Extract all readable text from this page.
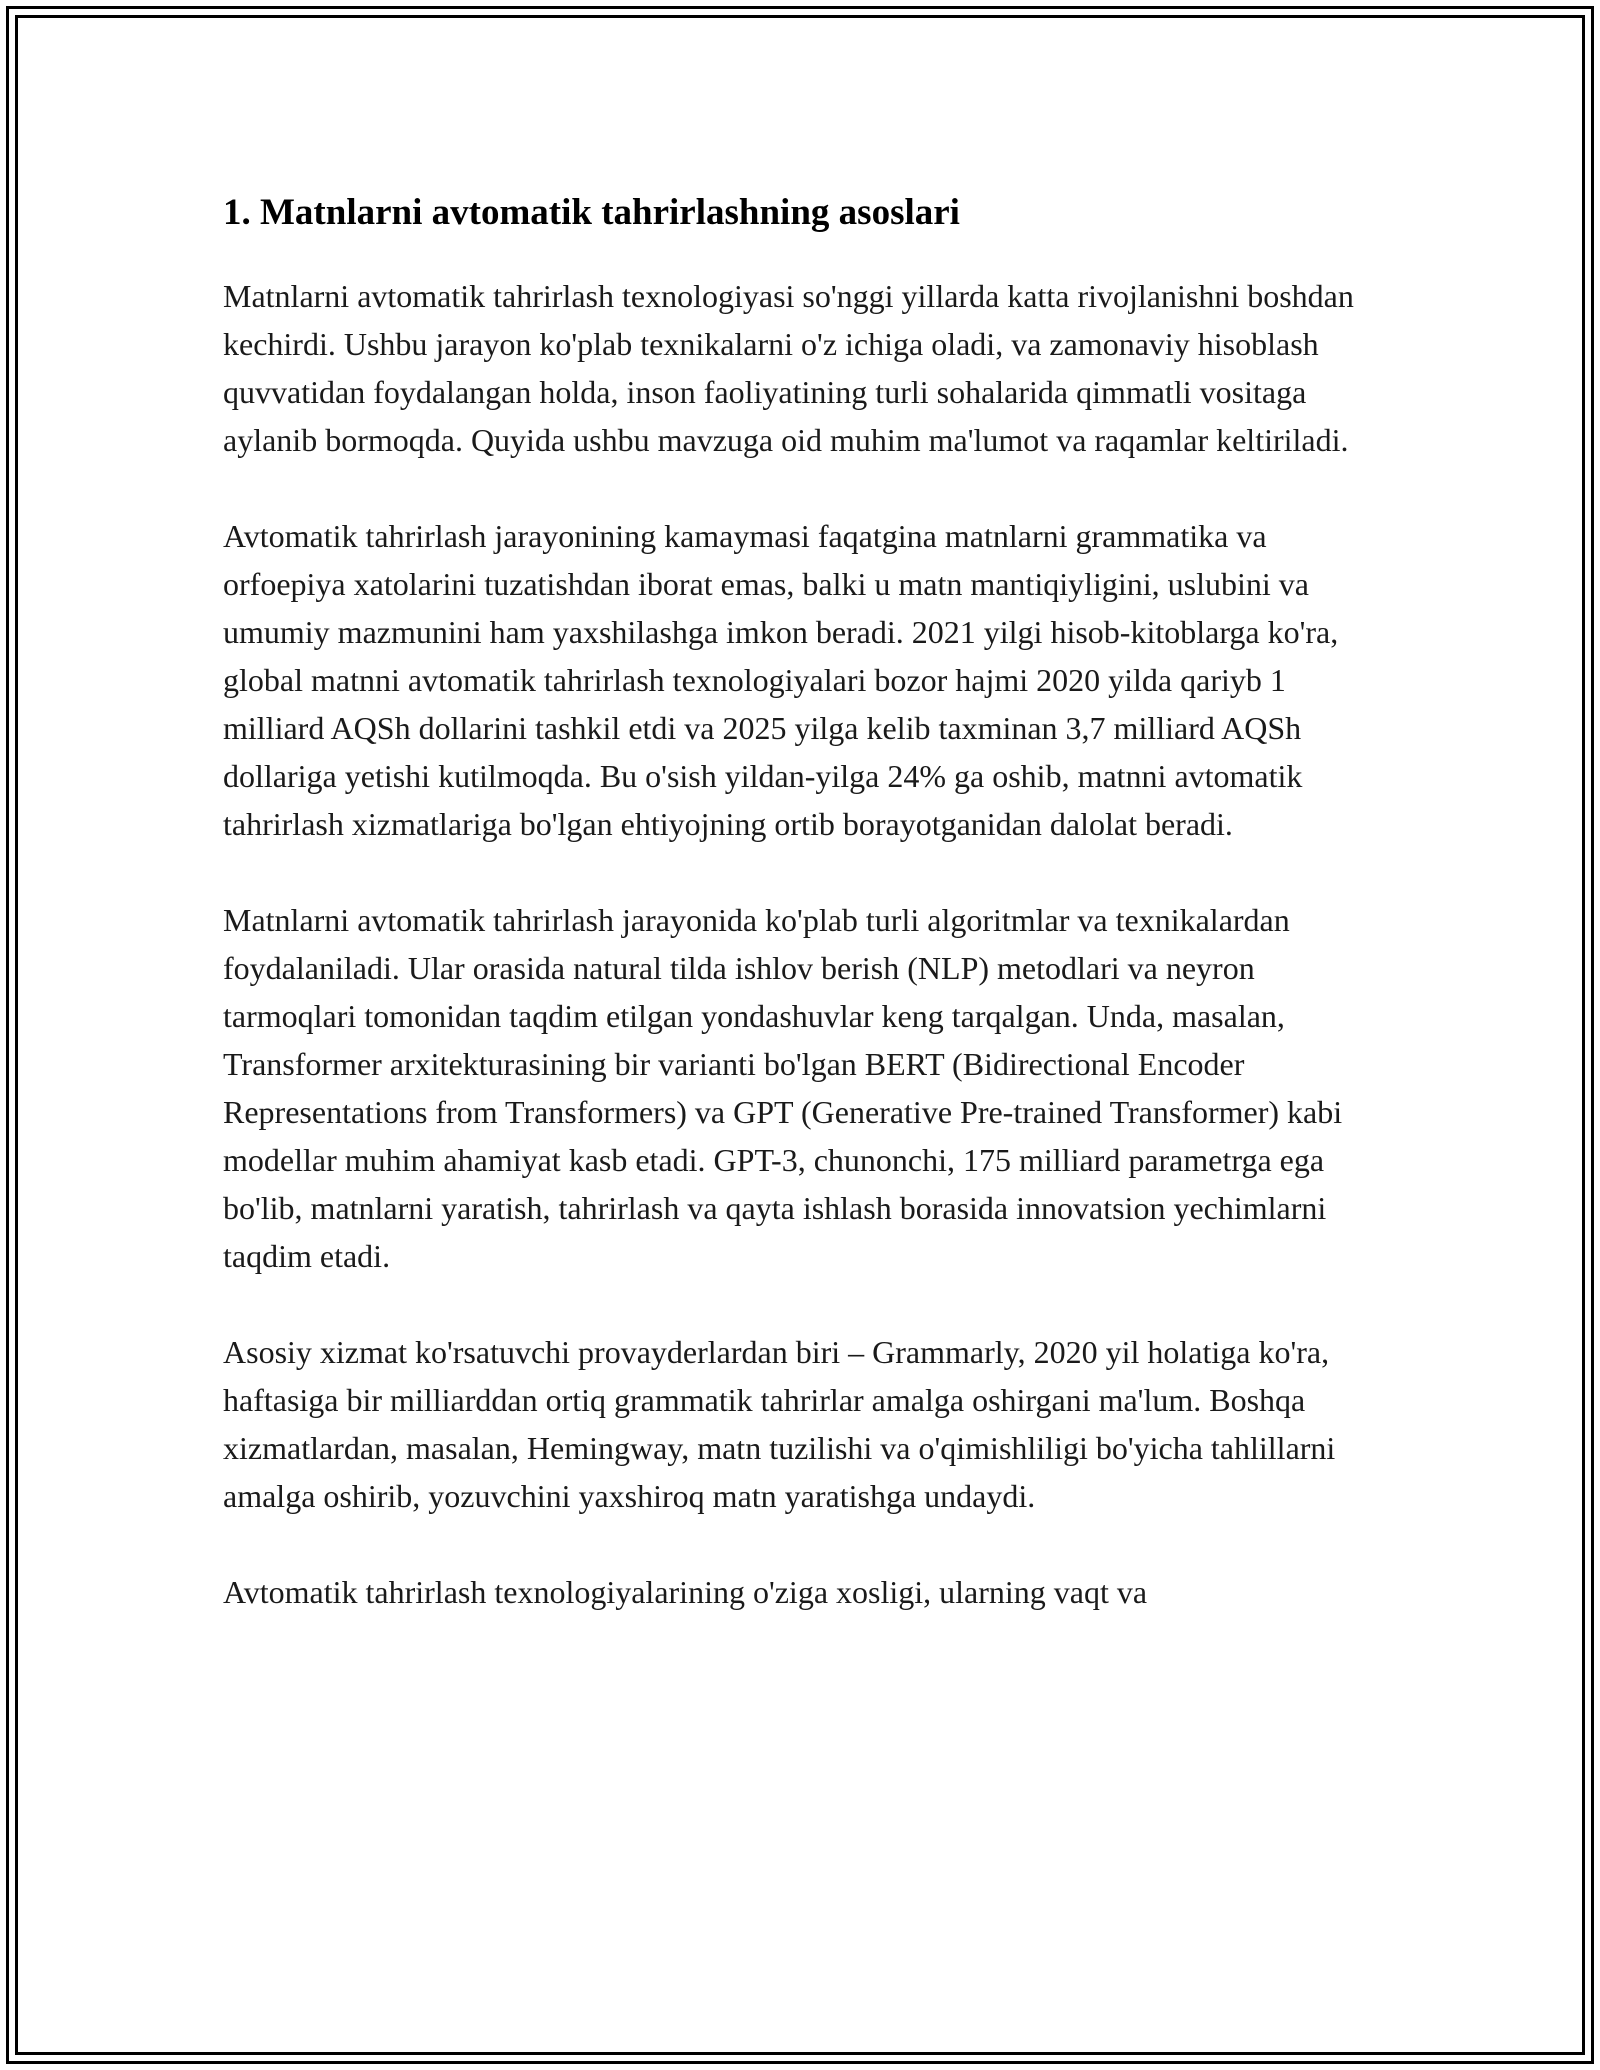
1. Matnlarni avtomatik tahrirlashning asoslari

Matnlarni avtomatik tahrirlash texnologiyasi so'nggi yillarda katta rivojlanishni boshdan kechirdi. Ushbu jarayon ko'plab texnikalarni o'z ichiga oladi, va zamonaviy hisoblash quvvatidan foydalangan holda, inson faoliyatining turli sohalarida qimmatli vositaga aylanib bormoqda. Quyida ushbu mavzuga oid muhim ma'lumot va raqamlar keltiriladi.

Avtomatik tahrirlash jarayonining kamaymasi faqatgina matnlarni grammatika va orfoepiya xatolarini tuzatishdan iborat emas, balki u matn mantiqiyligini, uslubini va umumiy mazmunini ham yaxshilashga imkon beradi. 2021 yilgi hisob-kitoblarga ko'ra, global matnni avtomatik tahrirlash texnologiyalari bozor hajmi 2020 yilda qariyb 1 milliard AQSh dollarini tashkil etdi va 2025 yilga kelib taxminan 3,7 milliard AQSh dollariga yetishi kutilmoqda. Bu o'sish yildan-yilga 24% ga oshib, matnni avtomatik tahrirlash xizmatlariga bo'lgan ehtiyojning ortib borayotganidan dalolat beradi.

Matnlarni avtomatik tahrirlash jarayonida ko'plab turli algoritmlar va texnikalardan foydalaniladi. Ular orasida natural tilda ishlov berish (NLP) metodlari va neyron tarmoqlari tomonidan taqdim etilgan yondashuvlar keng tarqalgan. Unda, masalan, Transformer arxitekturasining bir varianti bo'lgan BERT (Bidirectional Encoder Representations from Transformers) va GPT (Generative Pre-trained Transformer) kabi modellar muhim ahamiyat kasb etadi. GPT-3, chunonchi, 175 milliard parametrga ega bo'lib, matnlarni yaratish, tahrirlash va qayta ishlash borasida innovatsion yechimlarni taqdim etadi.

Asosiy xizmat ko'rsatuvchi provayderlardan biri – Grammarly, 2020 yil holatiga ko'ra, haftasiga bir milliarddan ortiq grammatik tahrirlar amalga oshirgani ma'lum. Boshqa xizmatlardan, masalan, Hemingway, matn tuzilishi va o'qimishliligi bo'yicha tahlillarni amalga oshirib, yozuvchini yaxshiroq matn yaratishga undaydi.

Avtomatik tahrirlash texnologiyalarining o'ziga xosligi, ularning vaqt va
